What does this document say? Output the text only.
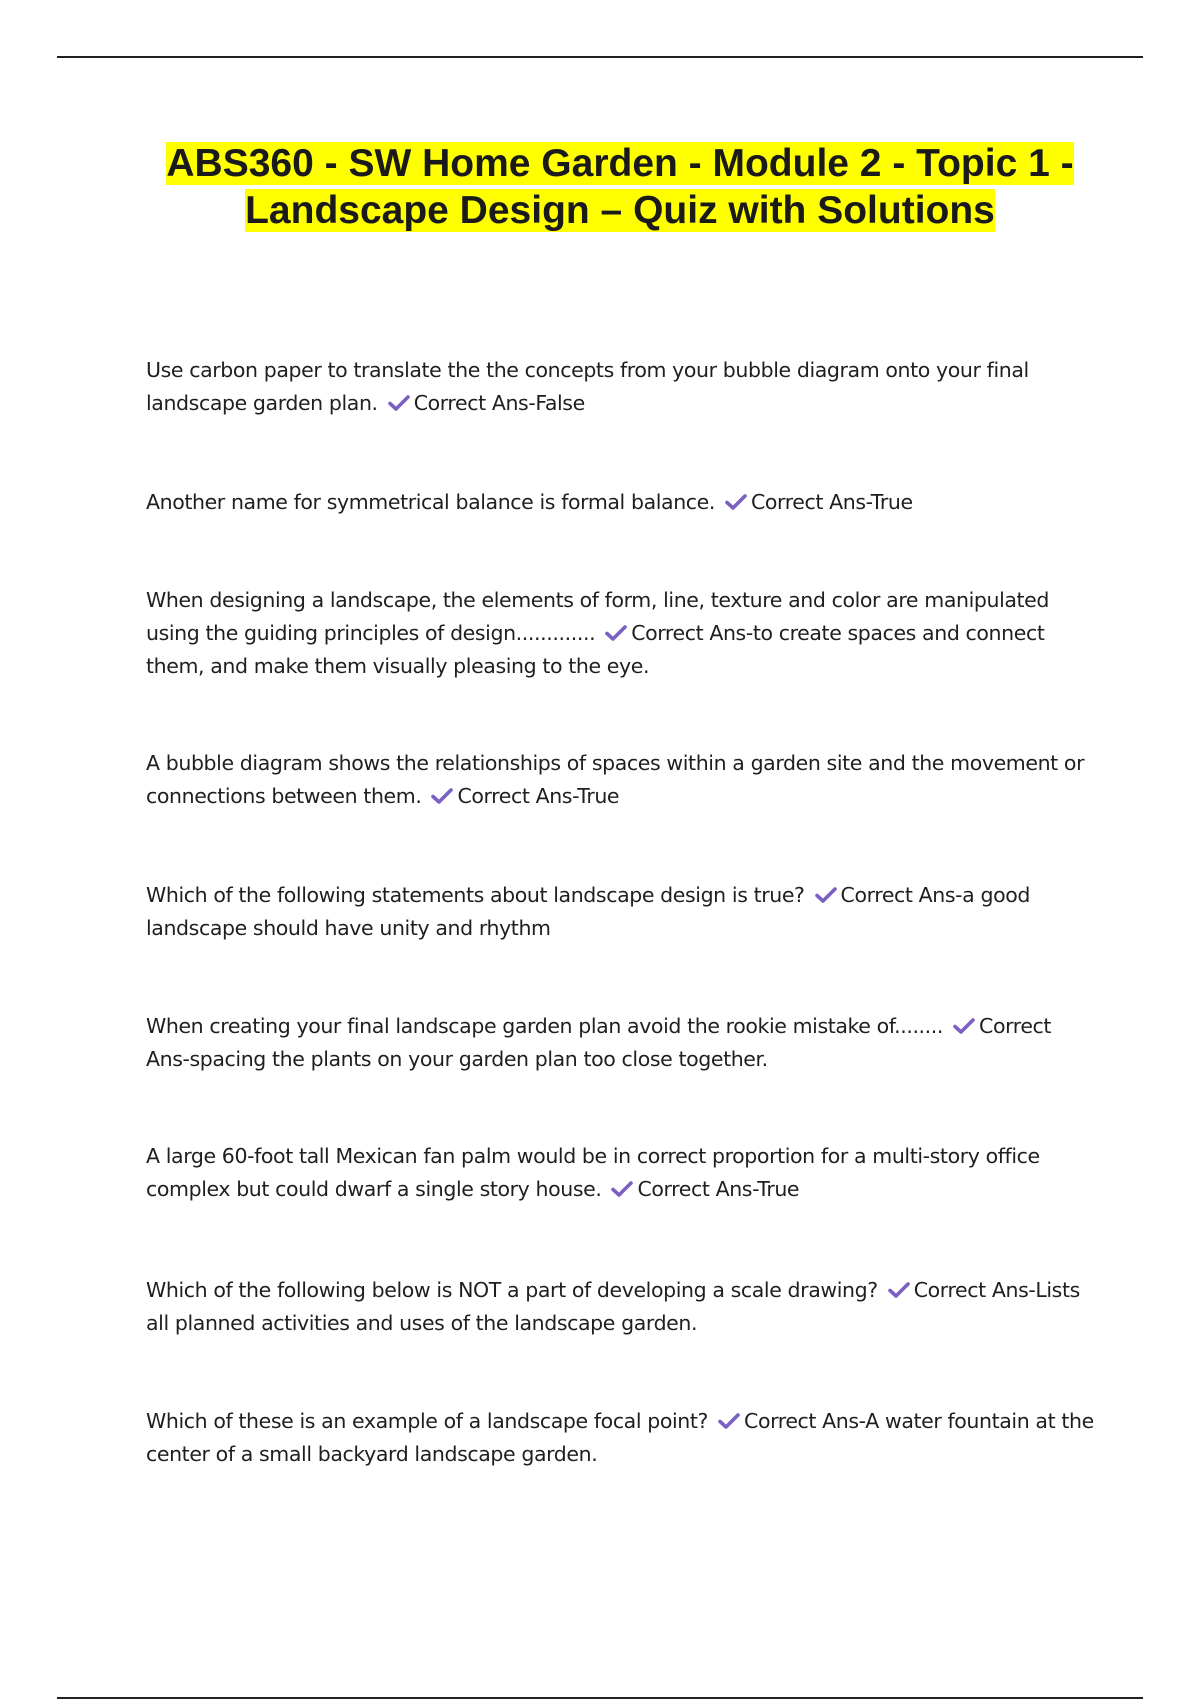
ABS360 - SW Home Garden - Module 2 - Topic 1 - Landscape Design – Quiz with Solutions

Use carbon paper to translate the the concepts from your bubble diagram onto your final landscape garden plan. Correct Ans-False

Another name for symmetrical balance is formal balance. Correct Ans-True

When designing a landscape, the elements of form, line, texture and color are manipulated using the guiding principles of design............. Correct Ans-to create spaces and connect them, and make them visually pleasing to the eye.

A bubble diagram shows the relationships of spaces within a garden site and the movement or connections between them. Correct Ans-True

Which of the following statements about landscape design is true? Correct Ans-a good landscape should have unity and rhythm

When creating your final landscape garden plan avoid the rookie mistake of........ Correct Ans-spacing the plants on your garden plan too close together.

A large 60-foot tall Mexican fan palm would be in correct proportion for a multi-story office complex but could dwarf a single story house. Correct Ans-True

Which of the following below is NOT a part of developing a scale drawing? Correct Ans-Lists all planned activities and uses of the landscape garden.

Which of these is an example of a landscape focal point? Correct Ans-A water fountain at the center of a small backyard landscape garden.
